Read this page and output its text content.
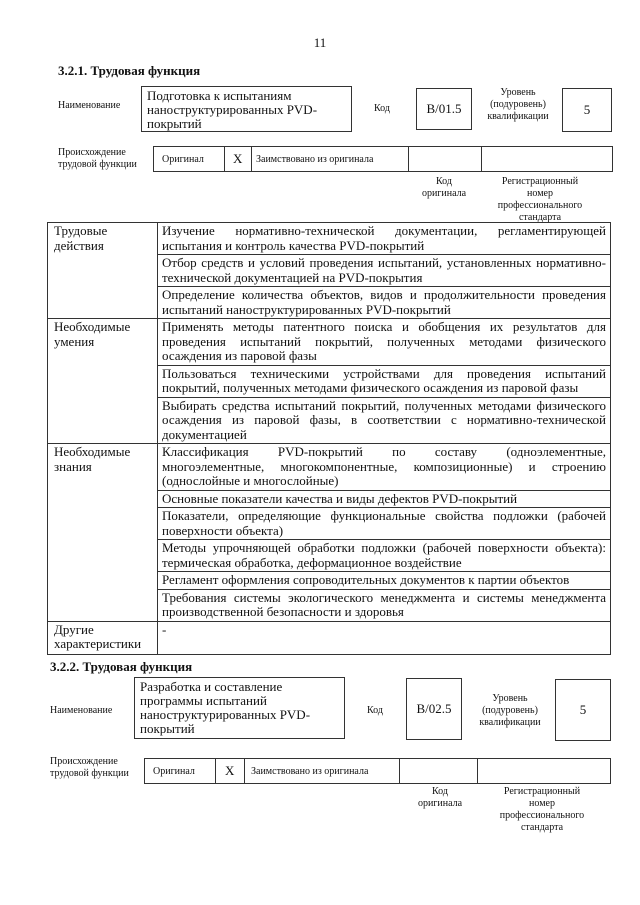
11
3.2.1. Трудовая функция
Наименование
Подготовка к испытаниям наноструктурированных PVD-покрытий
Код	B/01.5
Уровень (подуровень) квалификации	5
Происхождение трудовой функции	Оригинал X Заимствовано из оригинала
Код оригинала
Регистрационный номер профессионального стандарта
Трудовые действия	Изучение нормативно-технической документации, регламентирующей испытания и контроль качества PVD-покрытий
	Отбор средств и условий проведения испытаний, установленных нормативно-технической документацией на PVD-покрытия
	Определение количества объектов, видов и продолжительности проведения испытаний наноструктурированных PVD-покрытий
Необходимые умения	Применять методы патентного поиска и обобщения их результатов для проведения испытаний покрытий, полученных методами физического осаждения из паровой фазы
	Пользоваться техническими устройствами для проведения испытаний покрытий, полученных методами физического осаждения из паровой фазы
	Выбирать средства испытаний покрытий, полученных методами физического осаждения из паровой фазы, в соответствии с нормативно-технической документацией
Необходимые знания	Классификация PVD-покрытий по составу (одноэлементные, многоэлементные, многокомпонентные, композиционные) и строению (однослойные и многослойные)
	Основные показатели качества и виды дефектов PVD-покрытий
	Показатели, определяющие функциональные свойства подложки (рабочей поверхности объекта)
	Методы упрочняющей обработки подложки (рабочей поверхности объекта): термическая обработка, деформационное воздействие
	Регламент оформления сопроводительных документов к партии объектов
	Требования системы экологического менеджмента и системы менеджмента производственной безопасности и здоровья
Другие характеристики	-
3.2.2. Трудовая функция
Наименование
Разработка и составление программы испытаний наноструктурированных PVD-покрытий
Код	B/02.5
Уровень (подуровень) квалификации
5
Происхождение трудовой функции	Оригинал X Заимствовано из оригинала
Код оригинала
Регистрационный номер профессионального стандарта
